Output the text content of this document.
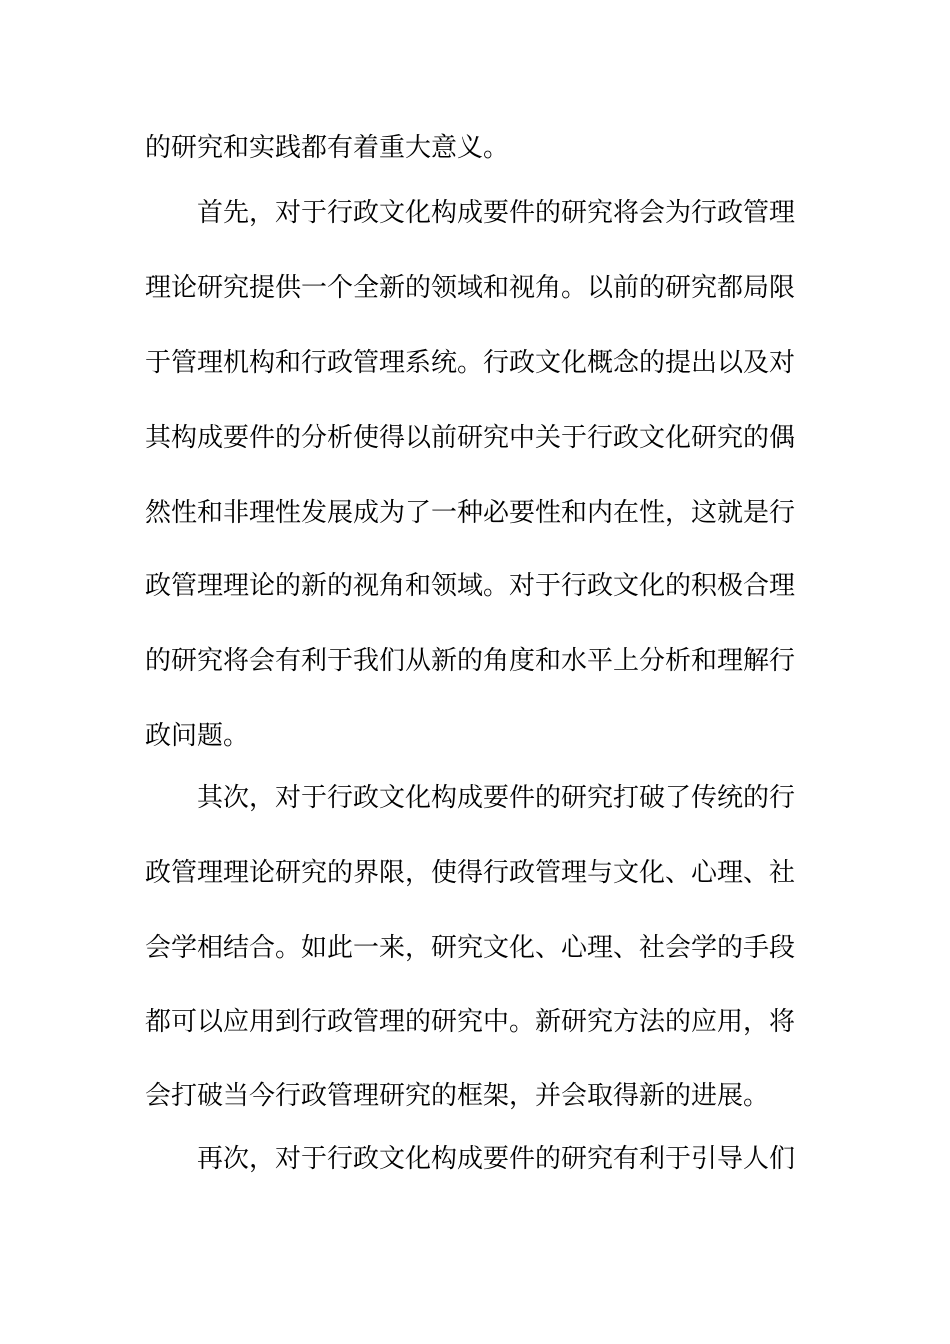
的研究和实践都有着重大意义。
首先，对于行政文化构成要件的研究将会为行政管理
理论研究提供一个全新的领域和视角。以前的研究都局限
于管理机构和行政管理系统。行政文化概念的提出以及对
其构成要件的分析使得以前研究中关于行政文化研究的偶
然性和非理性发展成为了一种必要性和内在性，这就是行
政管理理论的新的视角和领域。对于行政文化的积极合理
的研究将会有利于我们从新的角度和水平上分析和理解行
政问题。
其次，对于行政文化构成要件的研究打破了传统的行
政管理理论研究的界限，使得行政管理与文化、心理、社
会学相结合。如此一来，研究文化、心理、社会学的手段
都可以应用到行政管理的研究中。新研究方法的应用，将
会打破当今行政管理研究的框架，并会取得新的进展。
再次，对于行政文化构成要件的研究有利于引导人们
